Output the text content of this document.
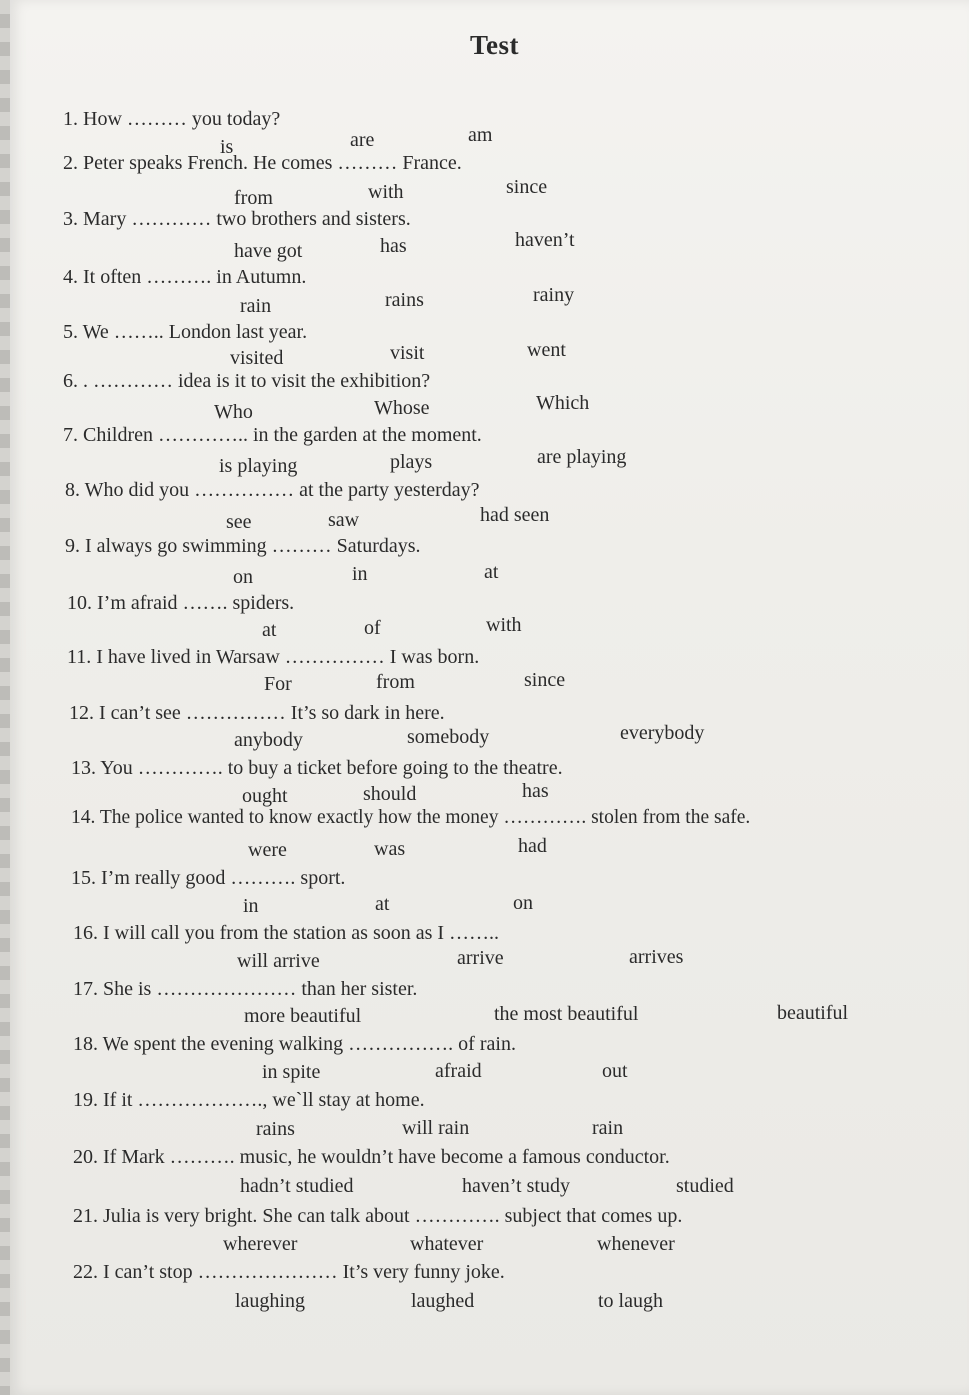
Test
1. How ……… you today?
is	are	am
2. Peter speaks French. He comes ……… France.
from	with	since
3. Mary ………… two brothers and sisters.
have got	has	haven’t
4. It often ………. in Autumn.
rain	rains	rainy
5. We …….. London last year.
visited	visit	went
6. . ………… idea is it to visit the exhibition?
Who	Whose	Which
7. Children ………….. in the garden at the moment.
is playing	plays	are playing
8. Who did you …………… at the party yesterday?
see	saw	had seen
9. I always go swimming ……… Saturdays.
on	in	at
10. I’m afraid ……. spiders.
at	of	with
11. I have lived in Warsaw …………… I was born.
For	from	since
12. I can’t see …………… It’s so dark in here.
anybody	somebody	everybody
13. You …………. to buy a ticket before going to the theatre.
ought	should	has
14. The police wanted to know exactly how the money …………. stolen from the safe.
were	was	had
15. I’m really good ………. sport.
in	at	on
16. I will call you from the station as soon as I ……..
will arrive	arrive	arrives
17. She is ………………… than her sister.
more beautiful	the most beautiful	beautiful
18. We spent the evening walking ……………. of rain.
in spite	afraid	out
19. If it ………………., we`ll stay at home.
rains	will rain	rain
20. If Mark ………. music, he wouldn’t have become a famous conductor.
hadn’t studied	haven’t study	studied
21. Julia is very bright. She can talk about …………. subject that comes up.
wherever	whatever	whenever
22. I can’t stop ………………… It’s very funny joke.
laughing	laughed	to laugh
